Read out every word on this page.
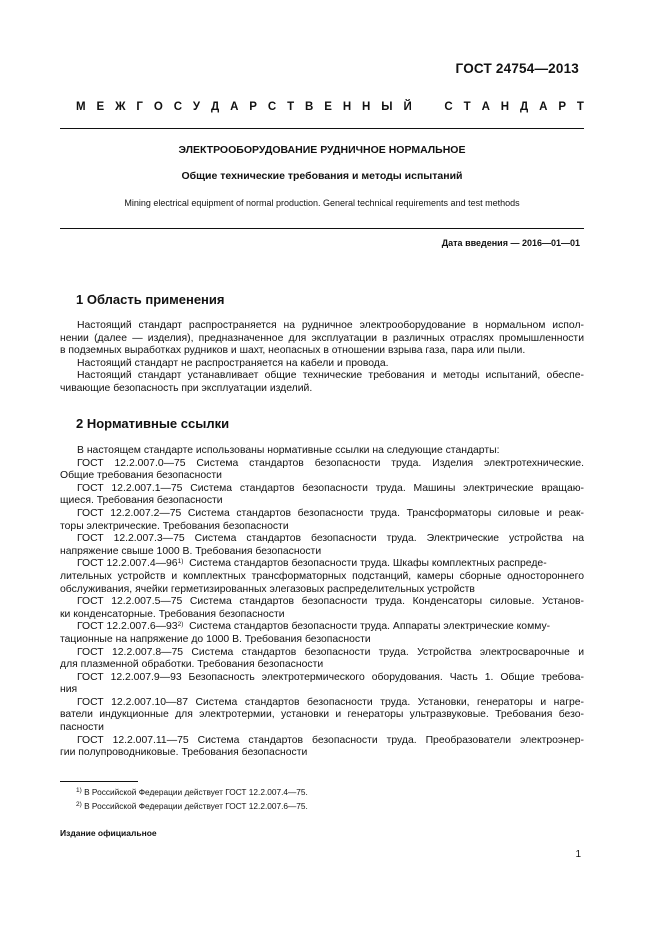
ГОСТ 24754—2013
М Е Ж Г О С У Д А Р С Т В Е Н Н Ы Й	С Т А Н Д А Р Т
ЭЛЕКТРООБОРУДОВАНИЕ РУДНИЧНОЕ НОРМАЛЬНОЕ
Общие технические требования и методы испытаний
Mining electrical equipment of normal production. General technical requirements and test methods
Дата введения — 2016—01—01
1 Область применения
Настоящий стандарт распространяется на рудничное электрооборудование в нормальном испол-
нении (далее — изделия), предназначенное для эксплуатации в различных отраслях промышленности
в подземных выработках рудников и шахт, неопасных в отношении взрыва газа, пара или пыли.
Настоящий стандарт не распространяется на кабели и провода.
Настоящий стандарт устанавливает общие технические требования и методы испытаний, обеспе-
чивающие безопасность при эксплуатации изделий.
2 Нормативные ссылки
В настоящем стандарте использованы нормативные ссылки на следующие стандарты:
ГОСТ 12.2.007.0—75 Система стандартов безопасности труда. Изделия электротехнические.
Общие требования безопасности
ГОСТ 12.2.007.1—75 Система стандартов безопасности труда. Машины электрические вращаю-
щиеся. Требования безопасности
ГОСТ 12.2.007.2—75 Система стандартов безопасности труда. Трансформаторы силовые и реак-
торы электрические. Требования безопасности
ГОСТ 12.2.007.3—75 Система стандартов безопасности труда. Электрические устройства на
напряжение свыше 1000 В. Требования безопасности
ГОСТ 12.2.007.4—96$^{1)}$ Система стандартов безопасности труда. Шкафы комплектных распреде-
лительных устройств и комплектных трансформаторных подстанций, камеры сборные одностороннего
обслуживания, ячейки герметизированных элегазовых распределительных устройств
ГОСТ 12.2.007.5—75 Система стандартов безопасности труда. Конденсаторы силовые. Установ-
ки конденсаторные. Требования безопасности
ГОСТ 12.2.007.6—93$^{2)}$ Система стандартов безопасности труда. Аппараты электрические комму-
тационные на напряжение до 1000 В. Требования безопасности
ГОСТ 12.2.007.8—75 Система стандартов безопасности труда. Устройства электросварочные и
для плазменной обработки. Требования безопасности
ГОСТ 12.2.007.9—93 Безопасность электротермического оборудования. Часть 1. Общие требова-
ния
ГОСТ 12.2.007.10—87 Система стандартов безопасности труда. Установки, генераторы и нагре-
ватели индукционные для электротермии, установки и генераторы ультразвуковые. Требования безо-
пасности
ГОСТ 12.2.007.11—75 Система стандартов безопасности труда. Преобразователи электроэнер-
гии полупроводниковые. Требования безопасности
$^{1)}$ В Российской Федерации действует ГОСТ 12.2.007.4—75.
$^{2)}$ В Российской Федерации действует ГОСТ 12.2.007.6—75.
Издание официальное
1
